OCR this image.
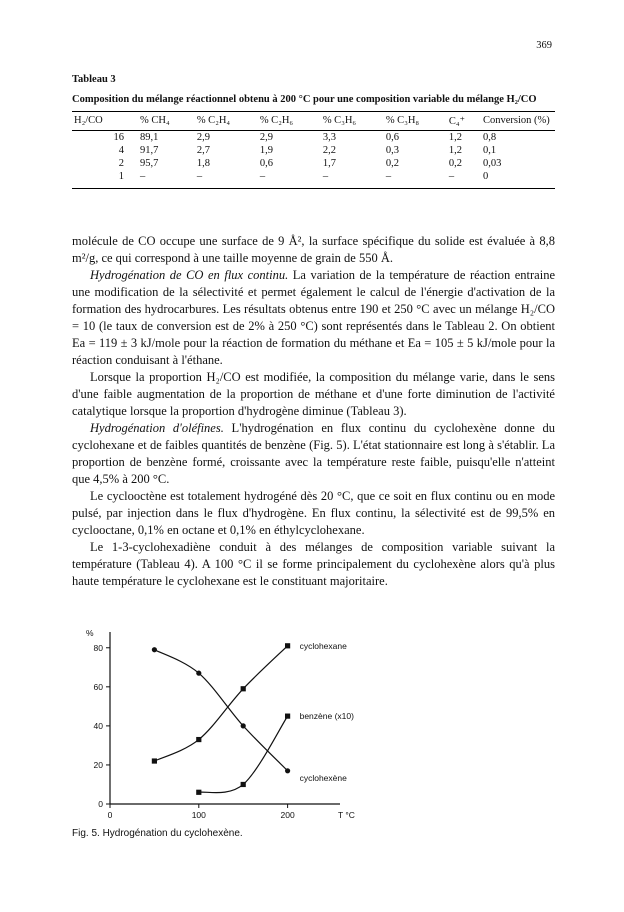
369
Tableau 3
Composition du mélange réactionnel obtenu à 200 °C pour une composition variable du mélange H₂/CO
H₂/CO	% CH₄	% C₂H₄	% C₂H₆	% C₃H₆	% C₃H₈	C₄⁺	Conversion (%)
16	89,1	2,9	2,9	3,3	0,6	1,2	0,8
4	91,7	2,7	1,9	2,2	0,3	1,2	0,1
2	95,7	1,8	0,6	1,7	0,2	0,2	0,03
1	–	–	–	–	–	–	0

molécule de CO occupe une surface de 9 Å², la surface spécifique du solide est évaluée à 8,8 m²/g, ce qui correspond à une taille moyenne de grain de 550 Å.

Hydrogénation de CO en flux continu. La variation de la température de réaction entraine une modification de la sélectivité et permet également le calcul de l'énergie d'activation de la formation des hydrocarbures. Les résultats obtenus entre 190 et 250 °C avec un mélange H₂/CO = 10 (le taux de conversion est de 2% à 250 °C) sont représentés dans le Tableau 2. On obtient Ea = 119 ± 3 kJ/mole pour la réaction de formation du méthane et Ea = 105 ± 5 kJ/mole pour la réaction conduisant à l'éthane.

Lorsque la proportion H₂/CO est modifiée, la composition du mélange varie, dans le sens d'une faible augmentation de la proportion de méthane et d'une forte diminution de l'activité catalytique lorsque la proportion d'hydrogène diminue (Tableau 3).

Hydrogénation d'oléfines. L'hydrogénation en flux continu du cyclohexène donne du cyclohexane et de faibles quantités de benzène (Fig. 5). L'état stationnaire est long à s'établir. La proportion de benzène formé, croissante avec la température reste faible, puisqu'elle n'atteint que 4,5% à 200 °C.

Le cyclooctène est totalement hydrogéné dès 20 °C, que ce soit en flux continu ou en mode pulsé, par injection dans le flux d'hydrogène. En flux continu, la sélectivité est de 99,5% en cyclooctane, 0,1% en octane et 0,1% en éthylcyclohexane.

Le 1-3-cyclohexadiène conduit à des mélanges de composition variable suivant la température (Tableau 4). A 100 °C il se forme principalement du cyclohexène alors qu'à plus haute température le cyclohexane est le constituant majoritaire.

0
20
40
60
80
0	100	200
%
T °C
cyclohexane
benzène (x10)
cyclohexène
Fig. 5. Hydrogénation du cyclohexène.
